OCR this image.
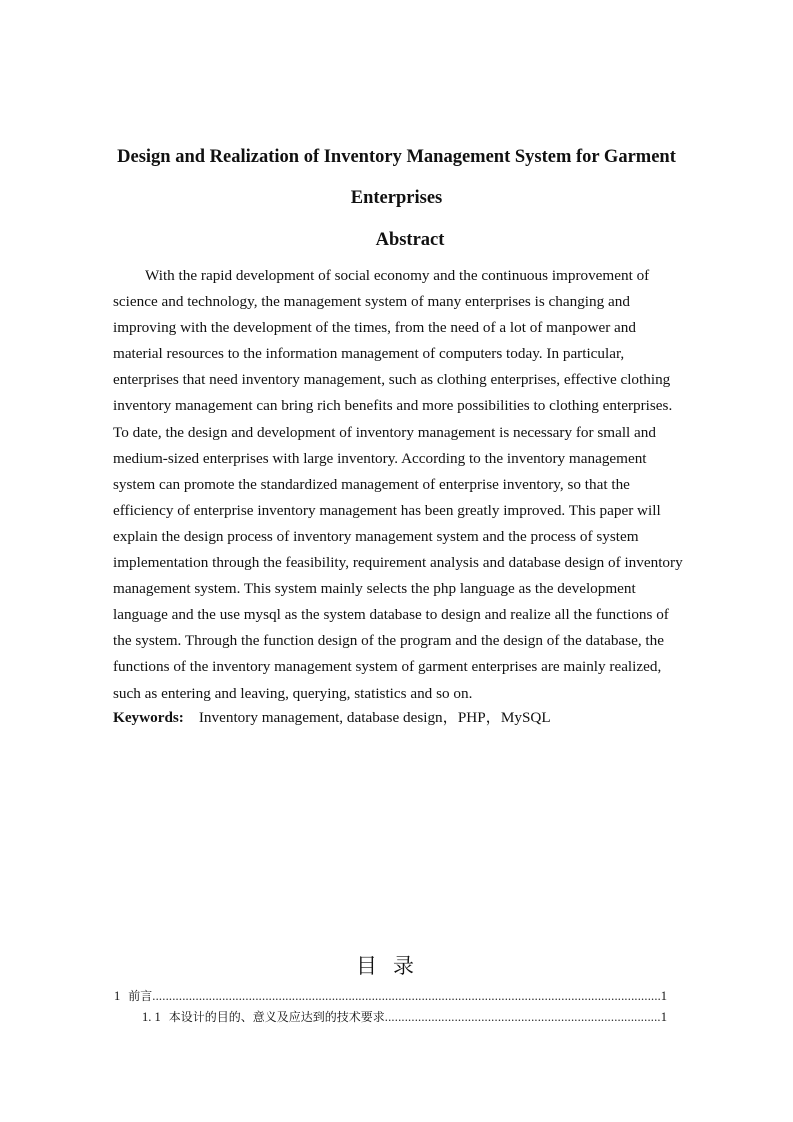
Design and Realization of Inventory Management System for Garment
Enterprises
Abstract
With the rapid development of social economy and the continuous improvement of
science and technology, the management system of many enterprises is changing and
improving with the development of the times, from the need of a lot of manpower and
material resources to the information management of computers today. In particular,
enterprises that need inventory management, such as clothing enterprises, effective clothing
inventory management can bring rich benefits and more possibilities to clothing enterprises.
To date, the design and development of inventory management is necessary for small and
medium-sized enterprises with large inventory. According to the inventory management
system can promote the standardized management of enterprise inventory, so that the
efficiency of enterprise inventory management has been greatly improved. This paper will
explain the design process of inventory management system and the process of system
implementation through the feasibility, requirement analysis and database design of inventory
management system. This system mainly selects the php language as the development
language and the use mysql as the system database to design and realize all the functions of
the system. Through the function design of the program and the design of the database, the
functions of the inventory management system of garment enterprises are mainly realized,
such as entering and leaving, querying, statistics and so on.
Keywords: Inventory management, database design，PHP，MySQL
目录
1 前言 .....	1
1. 1 本设计的目的、意义及应达到的技术要求 .....	1
